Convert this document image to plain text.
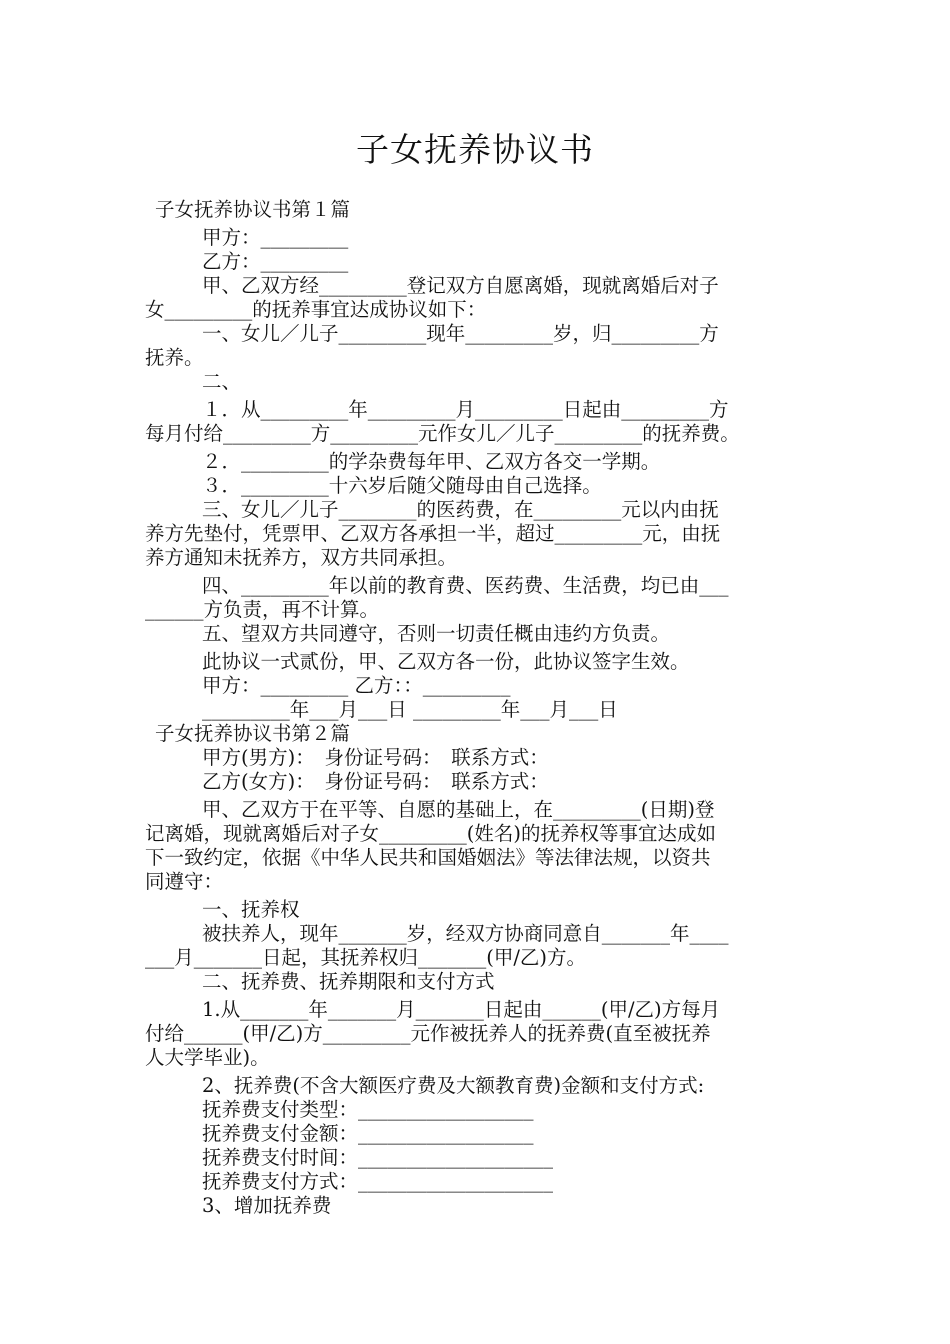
子女抚养协议书
子女抚养协议书第１篇
甲方：_________
乙方：_________
甲、乙双方经_________登记双方自愿离婚，现就离婚后对子
女_________的抚养事宜达成协议如下：
一、女儿／儿子_________现年_________岁，归_________方
抚养。
二、
１．从_________年_________月_________日起由_________方
每月付给_________方_________元作女儿／儿子_________的抚养费。
２．_________的学杂费每年甲、乙双方各交一学期。
３．_________十六岁后随父随母由自己选择。
三、女儿／儿子________的医药费，在_________元以内由抚
养方先垫付，凭票甲、乙双方各承担一半，超过_________元，由抚
养方通知未抚养方，双方共同承担。
四、_________年以前的教育费、医药费、生活费，均已由___
______方负责，再不计算。
五、望双方共同遵守，否则一切责任概由违约方负责。
此协议一式贰份，甲、乙双方各一份，此协议签字生效。
甲方：_________ 乙方：：_________
_________年___月___日 _________年___月___日
子女抚养协议书第２篇
甲方(男方)：　身份证号码：　联系方式：
乙方(女方)：　身份证号码：　联系方式：
甲、乙双方于在平等、自愿的基础上，在_________(日期)登
记离婚，现就离婚后对子女_________(姓名)的抚养权等事宜达成如
下一致约定，依据《中华人民共和国婚姻法》等法律法规，以资共
同遵守：
一、抚养权
被扶养人，现年_______岁，经双方协商同意自_______年____
___月_______日起，其抚养权归_______(甲/乙)方。
二、抚养费、抚养期限和支付方式
1.从_______年_______月_______日起由______(甲/乙)方每月
付给______(甲/乙)方_________元作被抚养人的抚养费(直至被抚养
人大学毕业)。
2、抚养费(不含大额医疗费及大额教育费)金额和支付方式:
抚养费支付类型：__________________
抚养费支付金额：__________________
抚养费支付时间：____________________
抚养费支付方式：____________________
3、增加抚养费
